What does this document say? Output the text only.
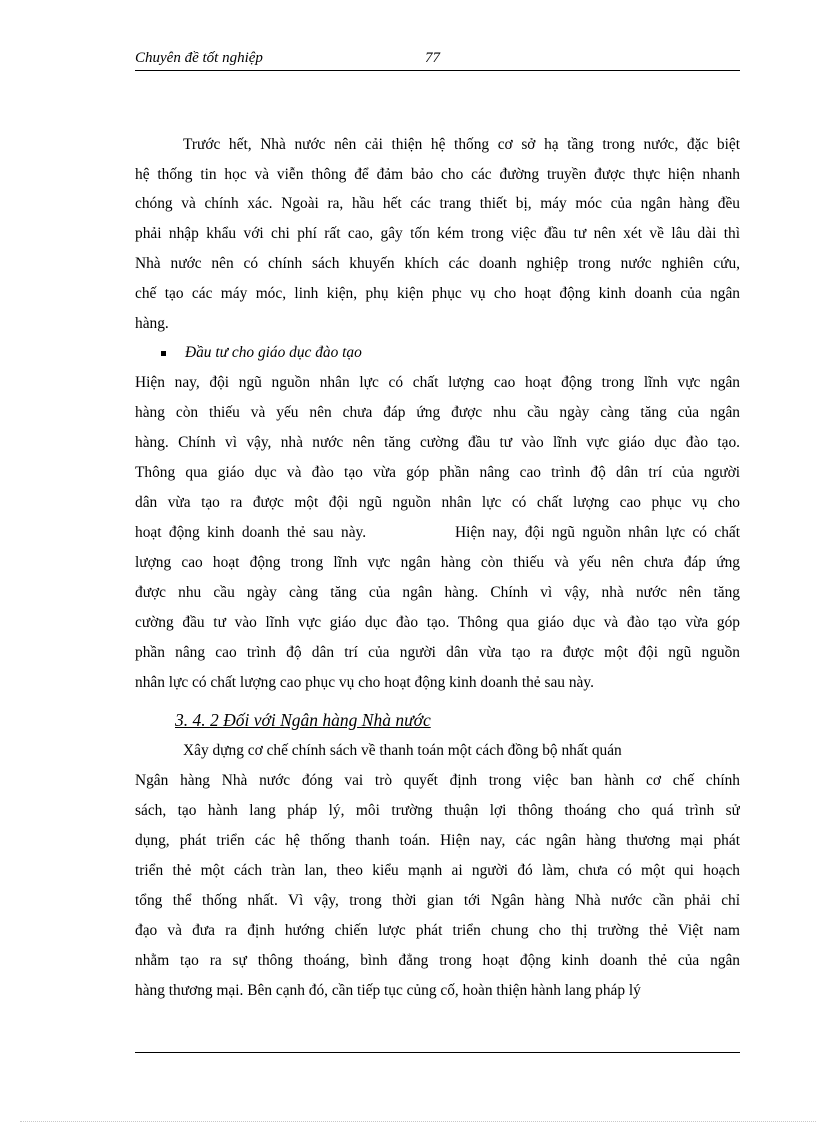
Chuyên đề tốt nghiệp	77
Trước hết, Nhà nước nên cải thiện hệ thống cơ sở hạ tầng trong nước, đặc biệt
hệ thống tin học và viễn thông để đảm bảo cho các đường truyền được thực hiện nhanh
chóng và chính xác. Ngoài ra, hầu hết các trang thiết bị, máy móc của ngân hàng đều
phải nhập khẩu với chi phí rất cao, gây tốn kém trong việc đầu tư nên xét về lâu dài thì
Nhà nước nên có chính sách khuyến khích các doanh nghiệp trong nước nghiên cứu,
chế tạo các máy móc, linh kiện, phụ kiện phục vụ cho hoạt động kinh doanh của ngân
hàng.
Đầu tư cho giáo dục đào tạo
Hiện nay, đội ngũ nguồn nhân lực có chất lượng cao hoạt động trong lĩnh vực ngân
hàng còn thiếu và yếu nên chưa đáp ứng được nhu cầu ngày càng tăng của ngân
hàng. Chính vì vậy, nhà nước nên tăng cường đầu tư vào lĩnh vực giáo dục đào tạo.
Thông qua giáo dục và đào tạo vừa góp phần nâng cao trình độ dân trí của người
dân vừa tạo ra được một đội ngũ nguồn nhân lực có chất lượng cao phục vụ cho
hoạt động kinh doanh thẻ sau này.            Hiện nay, đội ngũ nguồn nhân lực có chất
lượng cao hoạt động trong lĩnh vực ngân hàng còn thiếu và yếu nên chưa đáp ứng
được nhu cầu ngày càng tăng của ngân hàng. Chính vì vậy, nhà nước nên tăng
cường đầu tư vào lĩnh vực giáo dục đào tạo. Thông qua giáo dục và đào tạo vừa góp
phần nâng cao trình độ dân trí của người dân vừa tạo ra được một đội ngũ nguồn
nhân lực có chất lượng cao phục vụ cho hoạt động kinh doanh thẻ sau này.
3. 4. 2 Đối với Ngân hàng Nhà nước
Xây dựng cơ chế chính sách về thanh toán một cách đồng bộ nhất quán
Ngân hàng Nhà nước đóng vai trò quyết định trong việc ban hành cơ chế chính
sách, tạo hành lang pháp lý, môi trường thuận lợi thông thoáng cho quá trình sử
dụng, phát triển các hệ thống thanh toán. Hiện nay, các ngân hàng thương mại phát
triển thẻ một cách tràn lan, theo kiểu mạnh ai người đó làm, chưa có một qui hoạch
tổng thể thống nhất. Vì vậy, trong thời gian tới Ngân hàng Nhà nước cần phải chỉ
đạo và đưa ra định hướng chiến lược phát triển chung cho thị trường thẻ Việt nam
nhằm tạo ra sự thông thoáng, bình đẳng trong hoạt động kinh doanh thẻ của ngân
hàng thương mại. Bên cạnh đó, cần tiếp tục củng cố, hoàn thiện hành lang pháp lý
